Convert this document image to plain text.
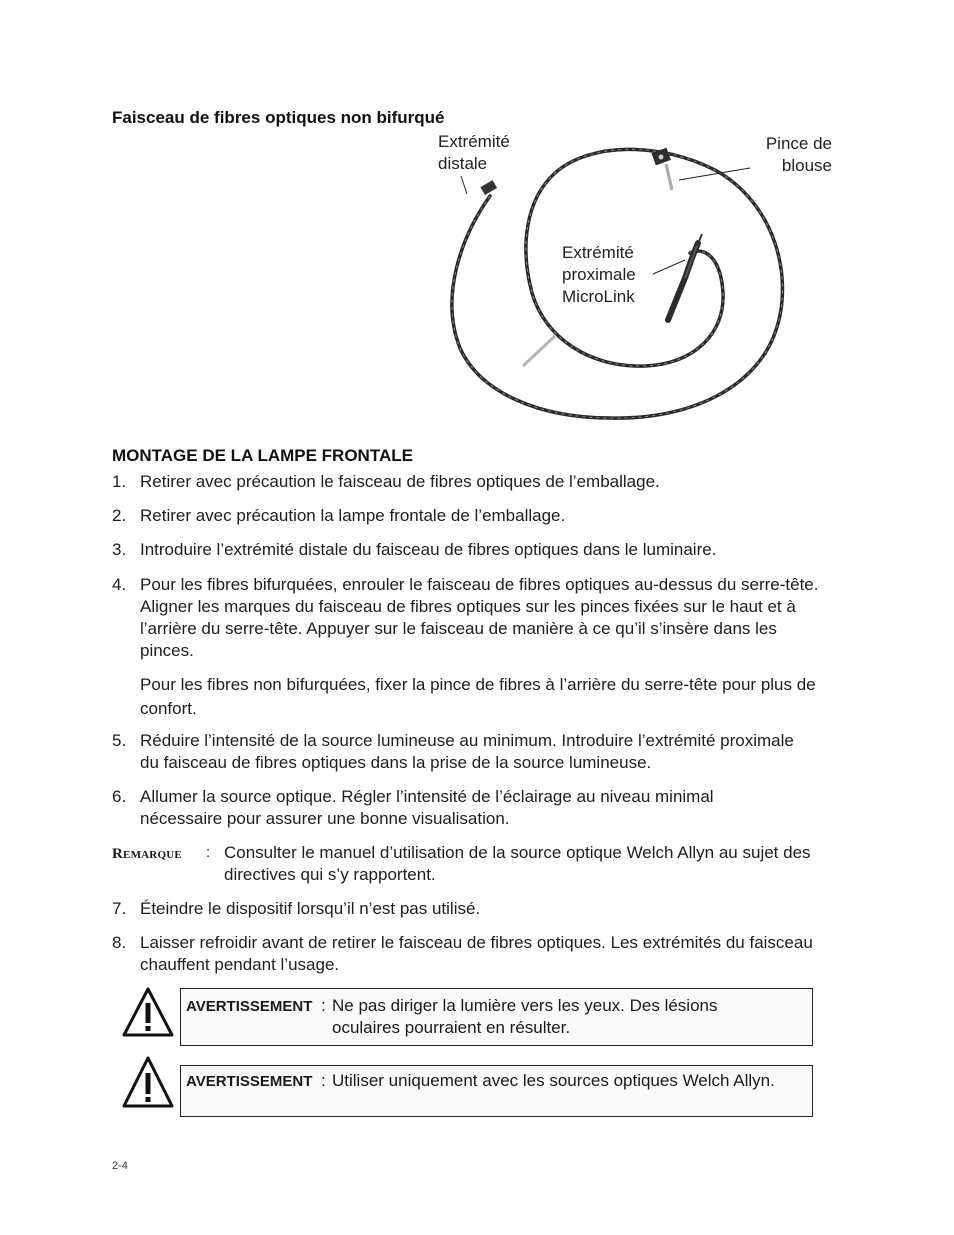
Faisceau de fibres optiques non bifurqué
Extrémité
distale
Pince de
blouse
Extrémité
proximale
MicroLink
MONTAGE DE LA LAMPE FRONTALE
1. Retirer avec précaution le faisceau de fibres optiques de l’emballage.
2. Retirer avec précaution la lampe frontale de l’emballage.
3. Introduire l’extrémité distale du faisceau de fibres optiques dans le luminaire.
4. Pour les fibres bifurquées, enrouler le faisceau de fibres optiques au-dessus du serre-tête. Aligner les marques du faisceau de fibres optiques sur les pinces fixées sur le haut et à l’arrière du serre-tête. Appuyer sur le faisceau de manière à ce qu’il s’insère dans les pinces.
Pour les fibres non bifurquées, fixer la pince de fibres à l’arrière du serre-tête pour plus de confort.
5. Réduire l’intensité de la source lumineuse au minimum. Introduire l’extrémité proximale du faisceau de fibres optiques dans la prise de la source lumineuse.
6. Allumer la source optique. Régler l’intensité de l’éclairage au niveau minimal nécessaire pour assurer une bonne visualisation.
Remarque : Consulter le manuel d’utilisation de la source optique Welch Allyn au sujet des directives qui s’y rapportent.
7. Éteindre le dispositif lorsqu’il n’est pas utilisé.
8. Laisser refroidir avant de retirer le faisceau de fibres optiques. Les extrémités du faisceau chauffent pendant l’usage.
AVERTISSEMENT : Ne pas diriger la lumière vers les yeux. Des lésions oculaires pourraient en résulter.
AVERTISSEMENT : Utiliser uniquement avec les sources optiques Welch Allyn.
2-4
